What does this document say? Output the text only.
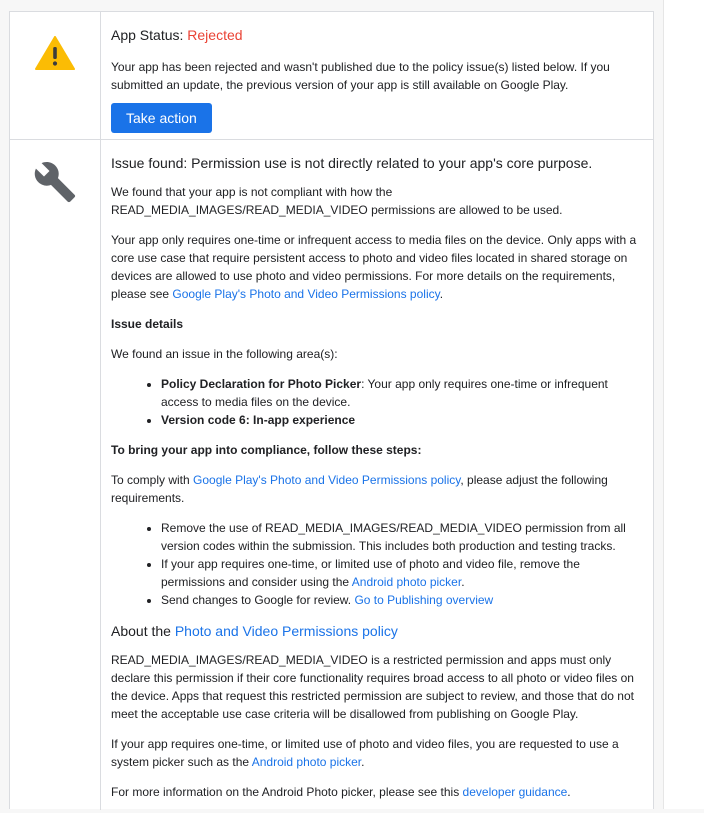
App Status: Rejected

Your app has been rejected and wasn't published due to the policy issue(s) listed below. If you submitted an update, the previous version of your app is still available on Google Play.

Take action
Issue found: Permission use is not directly related to your app's core purpose.

We found that your app is not compliant with how the READ_MEDIA_IMAGES/READ_MEDIA_VIDEO permissions are allowed to be used.

Your app only requires one-time or infrequent access to media files on the device. Only apps with a core use case that require persistent access to photo and video files located in shared storage on devices are allowed to use photo and video permissions. For more details on the requirements, please see Google Play's Photo and Video Permissions policy.

Issue details

We found an issue in the following area(s):

• Policy Declaration for Photo Picker: Your app only requires one-time or infrequent access to media files on the device.
• Version code 6: In-app experience

To bring your app into compliance, follow these steps:

To comply with Google Play's Photo and Video Permissions policy, please adjust the following requirements.

• Remove the use of READ_MEDIA_IMAGES/READ_MEDIA_VIDEO permission from all version codes within the submission. This includes both production and testing tracks.
• If your app requires one-time, or limited use of photo and video file, remove the permissions and consider using the Android photo picker.
• Send changes to Google for review. Go to Publishing overview
About the Photo and Video Permissions policy

READ_MEDIA_IMAGES/READ_MEDIA_VIDEO is a restricted permission and apps must only declare this permission if their core functionality requires broad access to all photo or video files on the device. Apps that request this restricted permission are subject to review, and those that do not meet the acceptable use case criteria will be disallowed from publishing on Google Play.

If your app requires one-time, or limited use of photo and video files, you are requested to use a system picker such as the Android photo picker.

For more information on the Android Photo picker, please see this developer guidance.
